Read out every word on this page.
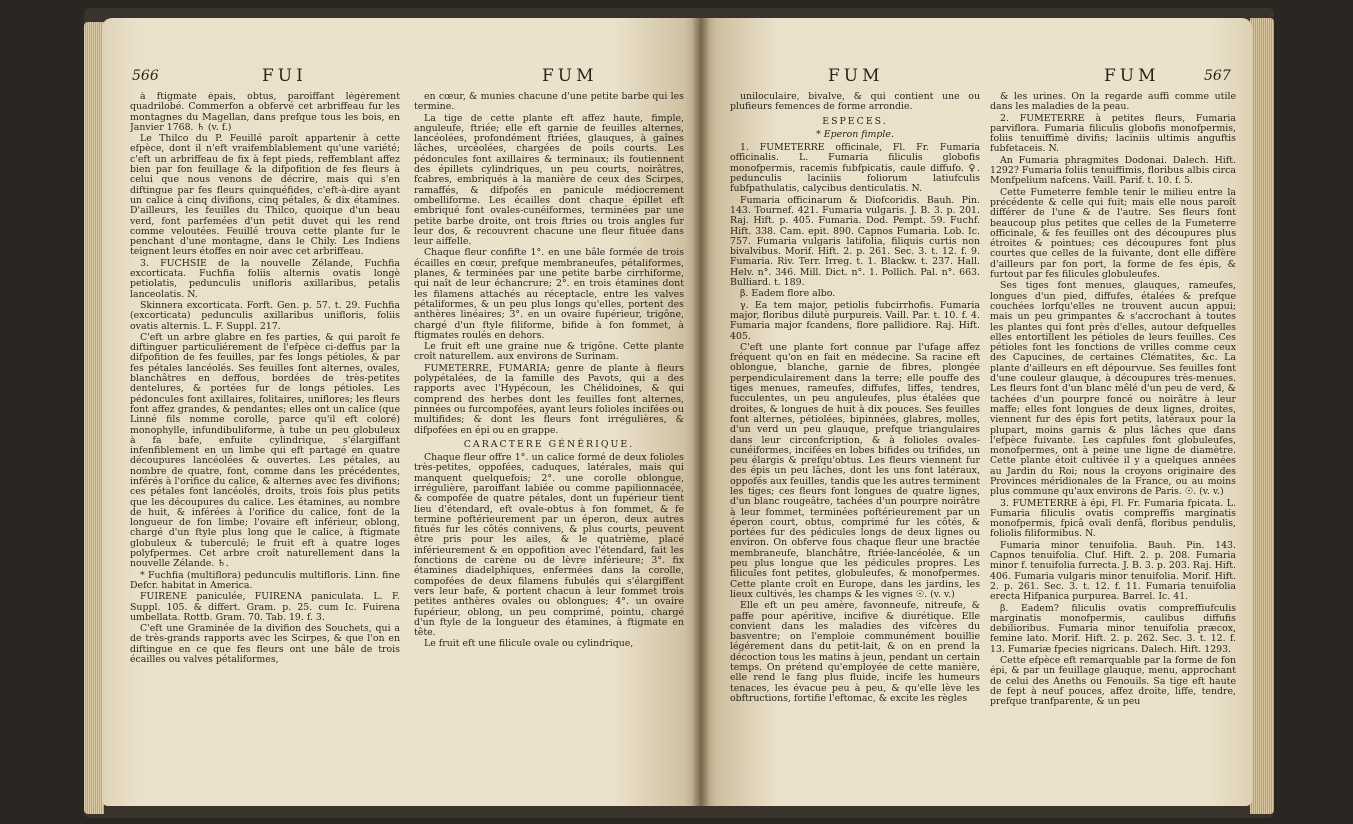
566	FUI	FUM

à ftigmate épais, obtus, paroiffant légérement quadrilobé. Commerfon a obfervé cet arbriffeau fur les montagnes du Magellan, dans prefque tous les bois, en Janvier 1768. ♄ (v. f.)

Le Thilco du P. Feuillé paroît appartenir à cette efpèce, dont il n'eft vraifemblablement qu'une variété; c'eft un arbriffeau de fix à fept pieds, reffemblant affez bien par fon feuillage & la difpofition de fes fleurs à celui que nous venons de décrire, mais qui s'en diftingue par fes fleurs quinquéfides, c'eft-à-dire ayant un calice à cinq divifions, cinq pétales, & dix étamines. D'ailleurs, les feuilles du Thilco, quoique d'un beau verd, font parfemées d'un petit duvet qui les rend comme veloutées. Feuillé trouva cette plante fur le penchant d'une montagne, dans le Chily. Les Indiens teignent leurs étoffes en noir avec cet arbriffeau.

3. FUCHSIE de la nouvelle Zélande, Fuchfia excorticata. Fuchfia foliis alternis ovatis longè petiolatis, pedunculis unifloris axillaribus, petalis lanceolatis. N.

Skinnera excorticata. Forft. Gen. p. 57. t. 29. Fuchfia (excorticata) pedunculis axillaribus unifloris, foliis ovatis alternis. L. F. Suppl. 217.

C'eft un arbre glabre en fes parties, & qui paroît fe diftinguer particuliérement de l'efpèce ci-deffus par la difpofition de fes feuilles, par fes longs pétioles, & par fes pétales lancéolés. Ses feuilles font alternes, ovales, blanchâtres en deffous, bordées de très-petites dentelures, & portées fur de longs pétioles. Les pédoncules font axillaires, folitaires, uniflores; les fleurs font affez grandes, & pendantes; elles ont un calice (que Linné fils nomme corolle, parce qu'il eft coloré) monophylle, infundibuliforme, à tube un peu globuleux à fa bafe, enfuite cylindrique, s'élargiffant infenfiblement en un limbe qui eft partagé en quatre découpures lancéolées & ouvertes. Les pétales, au nombre de quatre, font, comme dans les précédentes, inférés à l'orifice du calice, & alternes avec fes divifions; ces pétales font lancéolés, droits, trois fois plus petits que les découpures du calice. Les étamines, au nombre de huit, & inférées à l'orifice du calice, font de la longueur de fon limbe; l'ovaire eft inférieur, oblong, chargé d'un ftyle plus long que le calice, à ftigmate globuleux & tuberculé; le fruit eft à quatre loges polyfpermes. Cet arbre croît naturellement dans la nouvelle Zélande. ♄.

* Fuchfia (multiflora) pedunculis multifloris. Linn. fine Defcr. habitat in America.

FUIRENE paniculée, FUIRENA paniculata. L. F. Suppl. 105. & differt. Gram. p. 25. cum Ic. Fuirena umbellata. Rottb. Gram. 70. Tab. 19. f. 3.

C'eft une Graminée de la divifion des Souchets, qui a de très-grands rapports avec les Scirpes, & que l'on en diftingue en ce que fes fleurs ont une bâle de trois écailles ou valves pétaliformes,

en cœur, & munies chacune d'une petite barbe qui les termine.

La tige de cette plante eft affez haute, fimple, anguleufe, ftriée; elle eft garnie de feuilles alternes, lancéolées, profondément ftriées, glauques, à gaînes lâches, urcéolées, chargées de poils courts. Les pédoncules font axillaires & terminaux; ils foutiennent des épillets cylindriques, un peu courts, noirâtres, fcabres, embriqués à la manière de ceux des Scirpes, ramaffés, & difpofés en panicule médiocrement ombelliforme. Les écailles dont chaque épillet eft embriqué font ovales-cunéiformes, terminées par une petite barbe droite, ont trois ftries ou trois angles fur leur dos, & recouvrent chacune une fleur fituée dans leur aiffelle.

Chaque fleur confifte 1°. en une bâle formée de trois écailles en cœur, prefque membraneufes, pétaliformes, planes, & terminées par une petite barbe cirrhiforme, qui naît de leur échancrure; 2°. en trois étamines dont les filamens attachés au réceptacle, entre les valves pétaliformes, & un peu plus longs qu'elles, portent des anthères linéaires; 3°. en un ovaire fupérieur, trigône, chargé d'un ftyle filiforme, bifide à fon fommet, à ftigmates roulés en dehors.

Le fruit eft une graine nue & trigône. Cette plante croît naturellem. aux environs de Surinam.

FUMETERRE, FUMARIA; genre de plante à fleurs polypétalées, de la famille des Pavots, qui a des rapports avec l'Hypécoun, les Chélidoines, & qui comprend des herbes dont les feuilles font alternes, pinnées ou furcompofées, ayant leurs folioles incifées ou multifides; & dont les fleurs font irrégulières, & difpofées en épi ou en grappe.

CARACTERE GÉNÉRIQUE.

Chaque fleur offre 1°. un calice formé de deux folioles très-petites, oppofées, caduques, latérales, mais qui manquent quelquefois; 2°. une corolle oblongue, irrégulière, paroiffant labiée ou comme papilionnacée, & compofée de quatre pétales, dont un fupérieur tient lieu d'étendard, eft ovale-obtus à fon fommet, & fe termine poftérieurement par un éperon, deux autres fitués fur les côtés connivens, & plus courts, peuvent être pris pour les ailes, & le quatrième, placé inférieurement & en oppofition avec l'étendard, fait les fonctions de carène ou de lèvre inférieure; 3°. fix étamines diadelphiques, enfermées dans la corolle, compofées de deux filamens fubulés qui s'élargiffent vers leur bafe, & portent chacun à leur fommet trois petites anthères ovales ou oblongues; 4°. un ovaire fupérieur, oblong, un peu comprimé, pointu, chargé d'un ftyle de la longueur des étamines, à ftigmate en tête.

Le fruit eft une filicule ovale ou cylindrique,

FUM	FUM	567

uniloculaire, bivalve, & qui contient une ou plufieurs femences de forme arrondie.

ESPECES.

* Eperon fimple.

1. FUMETERRE officinale, Fl. Fr. Fumaria officinalis. L. Fumaria filiculis globofis monofpermis, racemis fubfpicatis, caule diffufo. ♀. pedunculis laciniis foliorum latiufculis fubfpathulatis, calycibus denticulatis. N.

Fumaria officinarum & Diofcoridis. Bauh. Pin. 143. Tournef. 421. Fumaria vulgaris. J. B. 3. p. 201. Raj. Hift. p. 405. Fumaria. Dod. Pempt. 59. Fuchf. Hift. 338. Cam. epit. 890. Capnos Fumaria. Lob. Ic. 757. Fumaria vulgaris latifolia, filiquis curtis non bivalvibus. Morif. Hift. 2. p. 261. Sec. 3. t. 12. f. 9. Fumaria. Riv. Terr. Irreg. t. 1. Blackw. t. 237. Hall. Helv. n°. 346. Mill. Dict. n°. 1. Pollich. Pal. n°. 663. Bulliard. t. 189.

β. Eadem flore albo.

γ. Ea tem major, petiolis fubcirrhofis. Fumaria major, floribus dilutè purpureis. Vaill. Par. t. 10. f. 4. Fumaria major fcandens, flore pallidiore. Raj. Hift. 405.

C'eft une plante fort connue par l'ufage affez fréquent qu'on en fait en médecine. Sa racine eft oblongue, blanche, garnie de fibres, plongée perpendiculairement dans la terre; elle pouffe des tiges menues, rameufes, diffufes, liffes, tendres, fucculentes, un peu anguleufes, plus étalées que droites, & longues de huit à dix pouces. Ses feuilles font alternes, pétiolées, bipinnées, glabres, molles, d'un verd un peu glauque, prefque triangulaires dans leur circonfcription, & à folioles ovales-cunéiformes, incifées en lobes bifides ou trifides, un peu élargis & prefqu'obtus. Les fleurs viennent fur des épis un peu lâches, dont les uns font latéraux, oppofés aux feuilles, tandis que les autres terminent les tiges; ces fleurs font longues de quatre lignes, d'un blanc rougeâtre, tachées d'un pourpre noirâtre à leur fommet, terminées poftérieurement par un éperon court, obtus, comprimé fur les côtés, & portées fur des pédicules longs de deux lignes ou environ. On obferve fous chaque fleur une bractée membraneufe, blanchâtre, ftriée-lancéolée, & un peu plus longue que les pédicules propres. Les filicules font petites, globuleufes, & monofpermes. Cette plante croît en Europe, dans les jardins, les lieux cultivés, les champs & les vignes ☉. (v. v.)

Elle eft un peu amère, favonneufe, nitreufe, & paffe pour apéritive, incifive & diurétique. Elle convient dans les maladies des vifcères du basventre; on l'emploie communément bouillie légérement dans du petit-lait, & on en prend la décoction tous les matins à jeun, pendant un certain temps. On prétend qu'employée de cette manière, elle rend le fang plus fluide, incife les humeurs tenaces, les évacue peu à peu, & qu'elle lève les obftructions, fortifie l'eftomac, & excite les règles

& les urines. On la regarde auffi comme utile dans les maladies de la peau.

2. FUMETERRE à petites fleurs, Fumaria parviflora. Fumaria filiculis globofis monofpermis, foliis tenuiffimè divifis; laciniis ultimis anguftis fubfetaceis. N.

An Fumaria phragmites Dodonai. Dalech. Hift. 1292? Fumaria foliis tenuiffimis, floribus albis circa Monfpelium nafcens. Vaill. Parif. t. 10. f. 5.

Cette Fumeterre femble tenir le milieu entre la précédente & celle qui fuit; mais elle nous paroît différer de l'une & de l'autre. Ses fleurs font beaucoup plus petites que celles de la Fumeterre officinale, & fes feuilles ont des découpures plus étroites & pointues; ces découpures font plus courtes que celles de la fuivante, dont elle diffère d'ailleurs par fon port, la forme de fes épis, & furtout par fes filicules globuleufes.

Ses tiges font menues, glauques, rameufes, longues d'un pied, diffufes, étalées & prefque couchées lorfqu'elles ne trouvent aucun appui; mais un peu grimpantes & s'accrochant à toutes les plantes qui font près d'elles, autour defquelles elles entortillent les pétioles de leurs feuilles. Ces pétioles font les fonctions de vrilles comme ceux des Capucines, de certaines Clématites, &c. La plante d'ailleurs en eft dépourvue. Ses feuilles font d'une couleur glauque, à découpures très-menues. Les fleurs font d'un blanc mêlé d'un peu de verd, & tachées d'un pourpre foncé ou noirâtre à leur maffe; elles font longues de deux lignes, droites, viennent fur des épis fort petits, latéraux pour la plupart, moins garnis & plus lâches que dans l'efpèce fuivante. Les capfules font globuleufes, monofpermes, ont à peine une ligne de diamètre. Cette plante étoit cultivée il y a quelques années au Jardin du Roi; nous la croyons originaire des Provinces méridionales de la France, ou au moins plus commune qu'aux environs de Paris. ☉. (v. v.)

3. FUMETERRE à épi, Fl. Fr. Fumaria fpicata. L. Fumaria filiculis ovatis compreffis marginatis monofpermis, fpicâ ovali denfâ, floribus pendulis, foliolis filiformibus. N.

Fumaria minor tenuifolia. Bauh. Pin. 143. Capnos tenuifolia. Cluf. Hift. 2. p. 208. Fumaria minor f. tenuifolia furrecta. J. B. 3. p. 203. Raj. Hift. 406. Fumaria vulgaris minor tenuifolia. Morif. Hift. 2. p. 261. Sec. 3. t. 12. f. 11. Fumaria tenuifolia erecta Hifpanica purpurea. Barrel. Ic. 41.

β. Eadem? filiculis ovatis compreffiufculis marginatis monofpermis, caulibus diffufis debilioribus. Fumaria minor tenuifolia præcox, femine lato. Morif. Hift. 2. p. 262. Sec. 3. t. 12. f. 13. Fumariæ fpecies nigricans. Dalech. Hift. 1293.

Cette efpèce eft remarquable par la forme de fon épi, & par un feuillage glauque, menu, approchant de celui des Aneths ou Fenouils. Sa tige eft haute de fept à neuf pouces, affez droite, liffe, tendre, prefque tranfparente, & un peu
